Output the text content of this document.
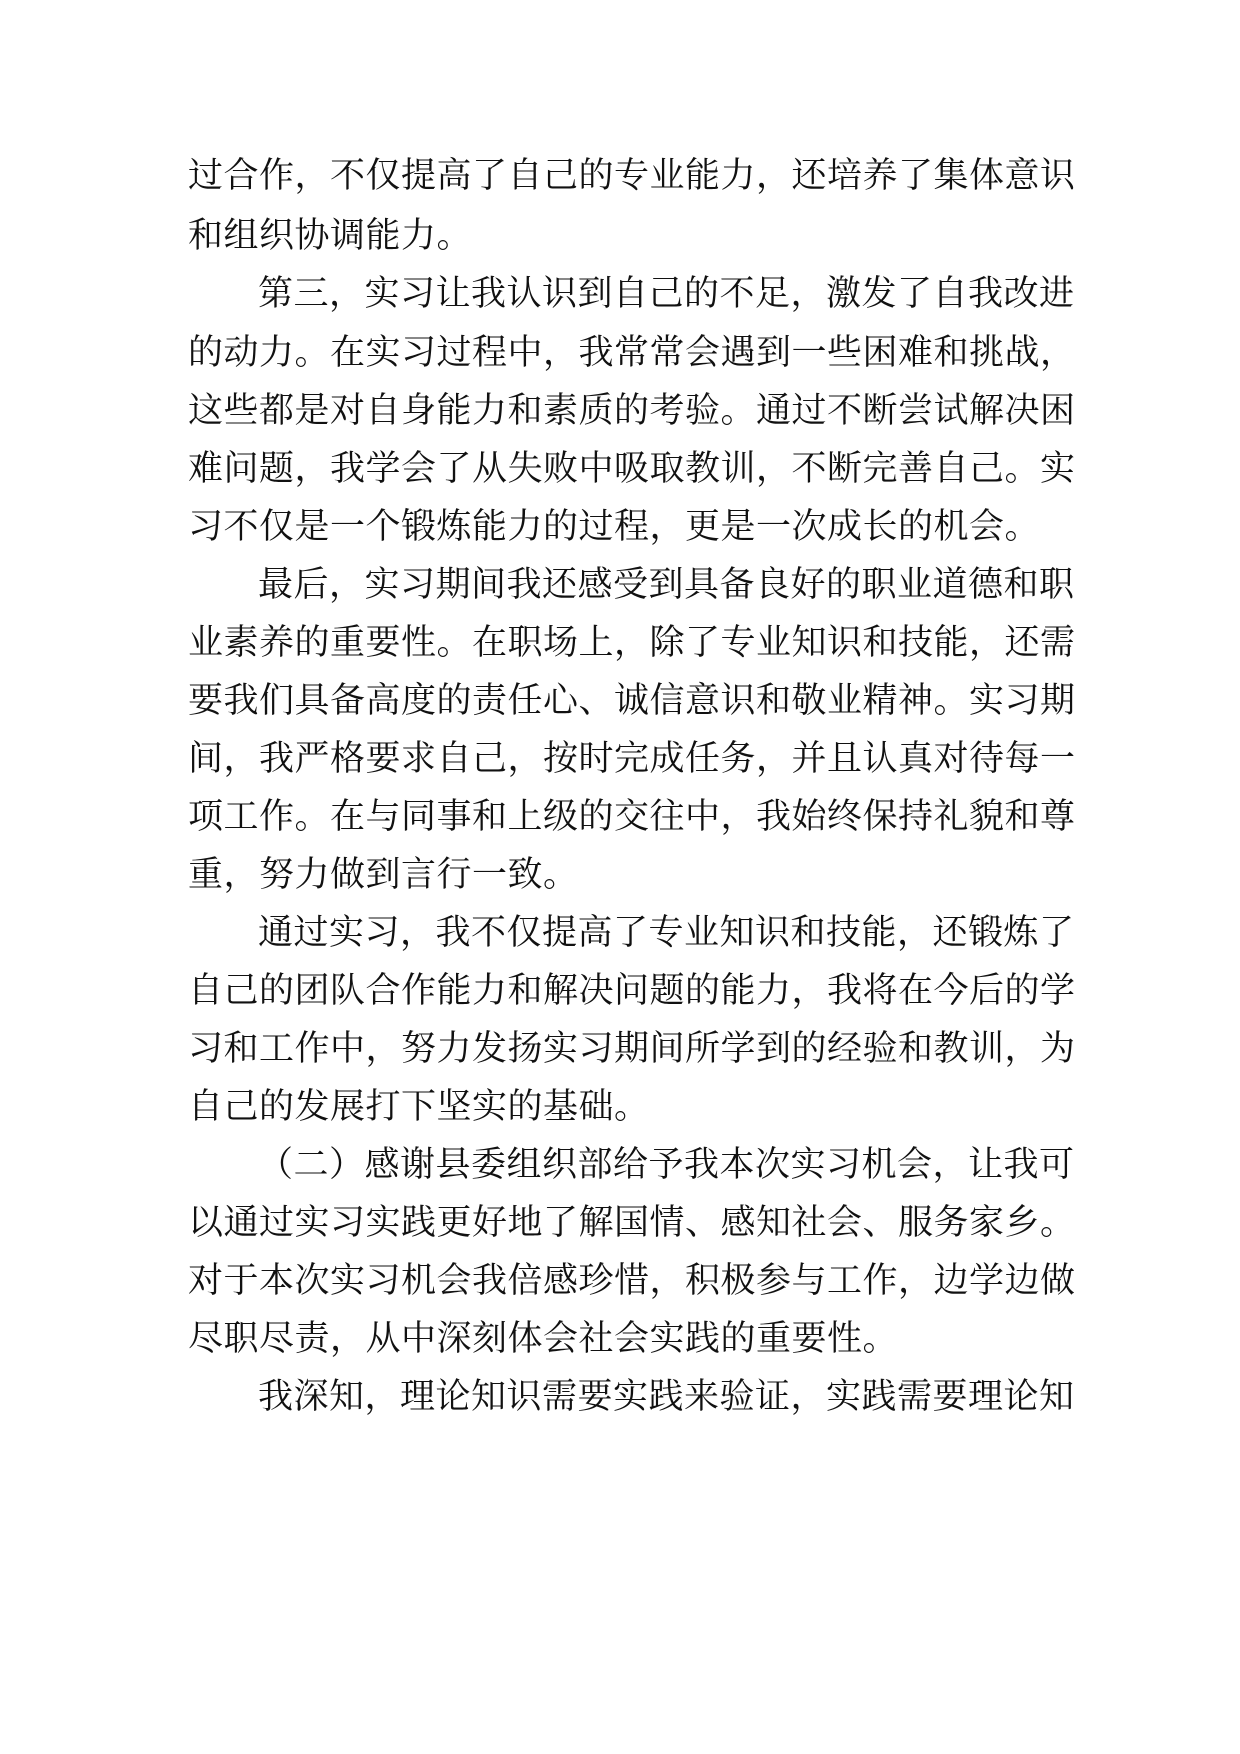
过合作，不仅提高了自己的专业能力，还培养了集体意识
和组织协调能力。
第三，实习让我认识到自己的不足，激发了自我改进
的动力。在实习过程中，我常常会遇到一些困难和挑战，
这些都是对自身能力和素质的考验。通过不断尝试解决困
难问题，我学会了从失败中吸取教训，不断完善自己。实
习不仅是一个锻炼能力的过程，更是一次成长的机会。
最后，实习期间我还感受到具备良好的职业道德和职
业素养的重要性。在职场上，除了专业知识和技能，还需
要我们具备高度的责任心、诚信意识和敬业精神。实习期
间，我严格要求自己，按时完成任务，并且认真对待每一
项工作。在与同事和上级的交往中，我始终保持礼貌和尊
重，努力做到言行一致。
通过实习，我不仅提高了专业知识和技能，还锻炼了
自己的团队合作能力和解决问题的能力，我将在今后的学
习和工作中，努力发扬实习期间所学到的经验和教训，为
自己的发展打下坚实的基础。
（二）感谢县委组织部给予我本次实习机会，让我可
以通过实习实践更好地了解国情、感知社会、服务家乡。
对于本次实习机会我倍感珍惜，积极参与工作，边学边做
尽职尽责，从中深刻体会社会实践的重要性。
我深知，理论知识需要实践来验证，实践需要理论知
